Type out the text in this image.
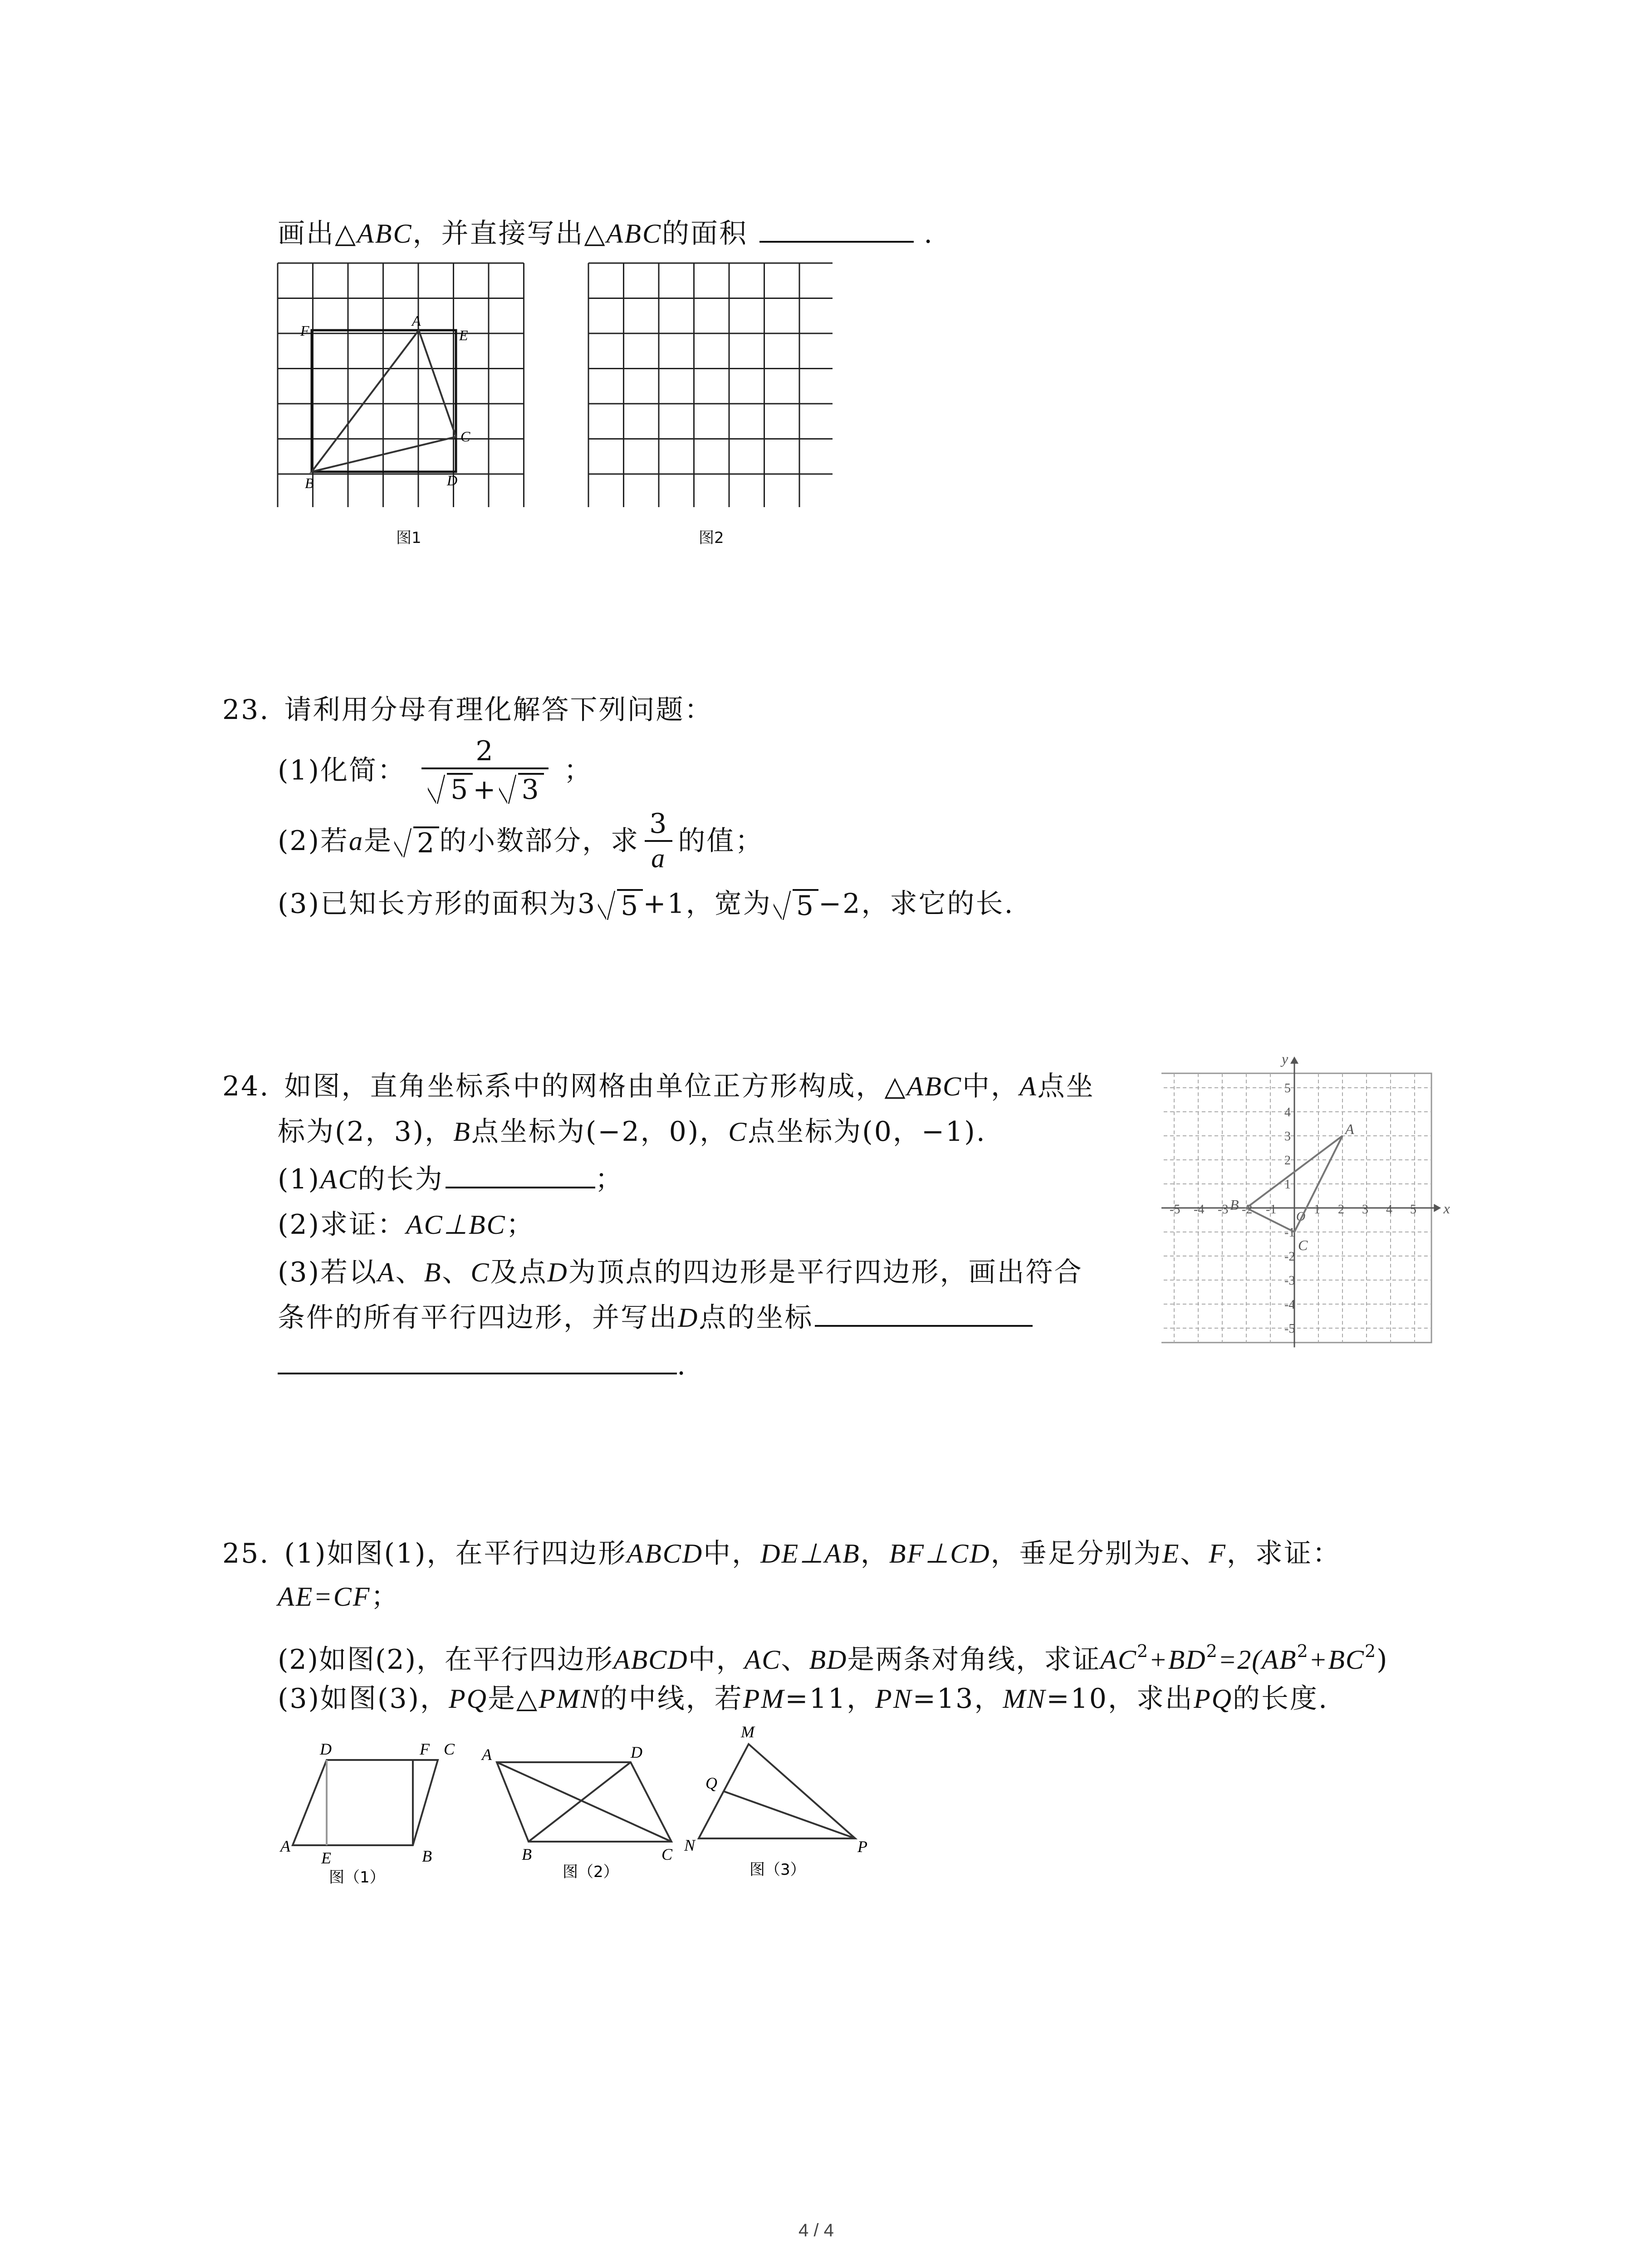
画出△ABC，并直接写出△ABC的面积	.
F
A
E
C
B	D
图1	图2
23. 请利用分母有理化解答下列问题：
(1)化简： $\frac{2}{5 + 3}$ ；
(2)若a是 2 的小数部分，求 $\frac{3}{a}$ 的值；
(3)已知长方形的面积为3 5 +1，宽为 5 −2，求它的长.
24. 如图，直角坐标系中的网格由单位正方形构成，△ABC中，A点坐
标为(2，3)，B点坐标为(−2，0)，C点坐标为(0，−1).
(1)AC的长为	；
(2)求证：AC⊥BC；
(3)若以A、B、C及点D为顶点的四边形是平行四边形，画出符合
条件的所有平行四边形，并写出D点的坐标
.
x
y
-5 -4 -3 -2 -1	1 2 3 4 5
5
4
3
2
1
-1
-2
-3
-4
-5
O
A
B
C
25. (1)如图(1)，在平行四边形ABCD中，DE⊥AB，BF⊥CD，垂足分别为E、F，求证：
AE=CF；
(2)如图(2)，在平行四边形ABCD中，AC、BD是两条对角线，求证$AC^2+BD^2=2(AB^2+BC^2)$
(3)如图(3)，PQ是△PMN的中线，若PM=11，PN=13，MN=10，求出PQ的长度.
D	F C
A
E	B
A	D
B	C
M
Q
N	P
图（1）	图（2）	图（3）
4 / 4
